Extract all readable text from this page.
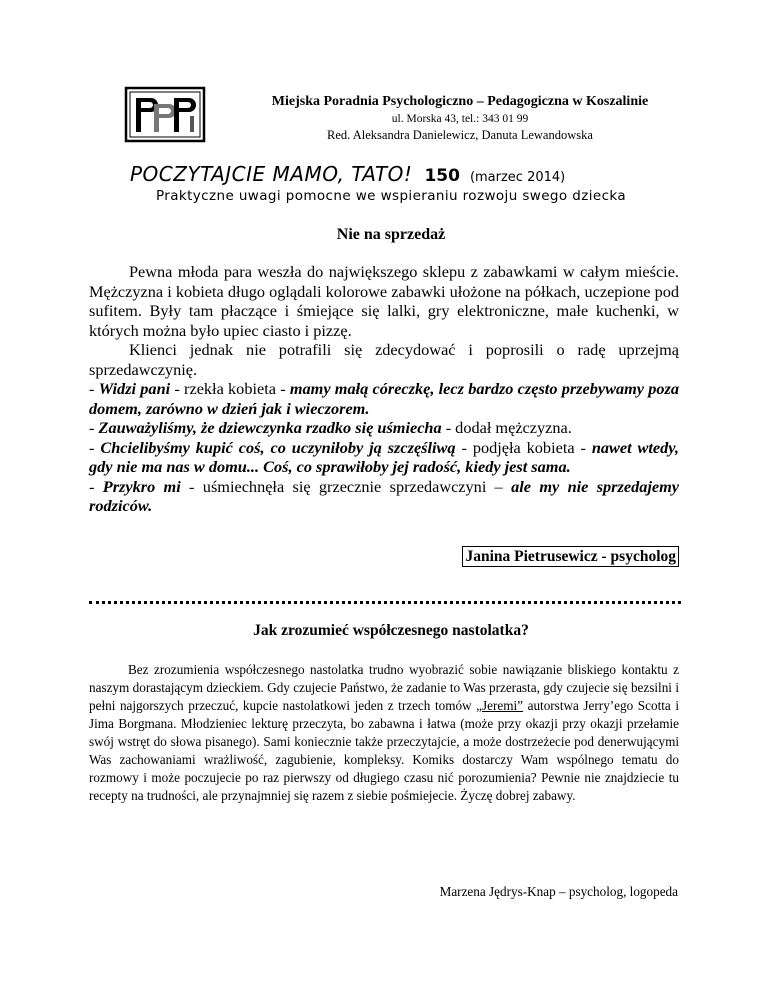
Miejska Poradnia Psychologiczno – Pedagogiczna w Koszalinie
ul. Morska 43, tel.: 343 01 99
Red. Aleksandra Danielewicz, Danuta Lewandowska
POCZYTAJCIE MAMO, TATO! 150 (marzec 2014)
Praktyczne uwagi pomocne we wspieraniu rozwoju swego dziecka
Nie na sprzedaż

Pewna młoda para weszła do największego sklepu z zabawkami w całym mieście. Mężczyzna i kobieta długo oglądali kolorowe zabawki ułożone na półkach, uczepione pod sufitem. Były tam płaczące i śmiejące się lalki, gry elektroniczne, małe kuchenki, w których można było upiec ciasto i pizzę.

Klienci jednak nie potrafili się zdecydować i poprosili o radę uprzejmą sprzedawczynię.

- Widzi pani - rzekła kobieta - mamy małą córeczkę, lecz bardzo często przebywamy poza domem, zarówno w dzień jak i wieczorem.

- Zauważyliśmy, że dziewczynka rzadko się uśmiecha - dodał mężczyzna.

- Chcielibyśmy kupić coś, co uczyniłoby ją szczęśliwą - podjęła kobieta - nawet wtedy, gdy nie ma nas w domu... Coś, co sprawiłoby jej radość, kiedy jest sama.

- Przykro mi - uśmiechnęła się grzecznie sprzedawczyni – ale my nie sprzedajemy rodziców.

Janina Pietrusewicz - psycholog
Jak zrozumieć współczesnego nastolatka?
Bez zrozumienia współczesnego nastolatka trudno wyobrazić sobie nawiązanie bliskiego kontaktu z naszym dorastającym dzieckiem. Gdy czujecie Państwo, że zadanie to Was przerasta, gdy czujecie się bezsilni i pełni najgorszych przeczuć, kupcie nastolatkowi jeden z trzech tomów „Jeremi” autorstwa Jerry’ego Scotta i Jima Borgmana. Młodzieniec lekturę przeczyta, bo zabawna i łatwa (może przy okazji przy okazji przełamie swój wstręt do słowa pisanego). Sami koniecznie także przeczytajcie, a może dostrzeżecie pod denerwującymi Was zachowaniami wrażliwość, zagubienie, kompleksy. Komiks dostarczy Wam wspólnego tematu do rozmowy i może poczujecie po raz pierwszy od długiego czasu nić porozumienia? Pewnie nie znajdziecie tu recepty na trudności, ale przynajmniej się razem z siebie pośmiejecie. Życzę dobrej zabawy.
Marzena Jędrys-Knap – psycholog, logopeda
